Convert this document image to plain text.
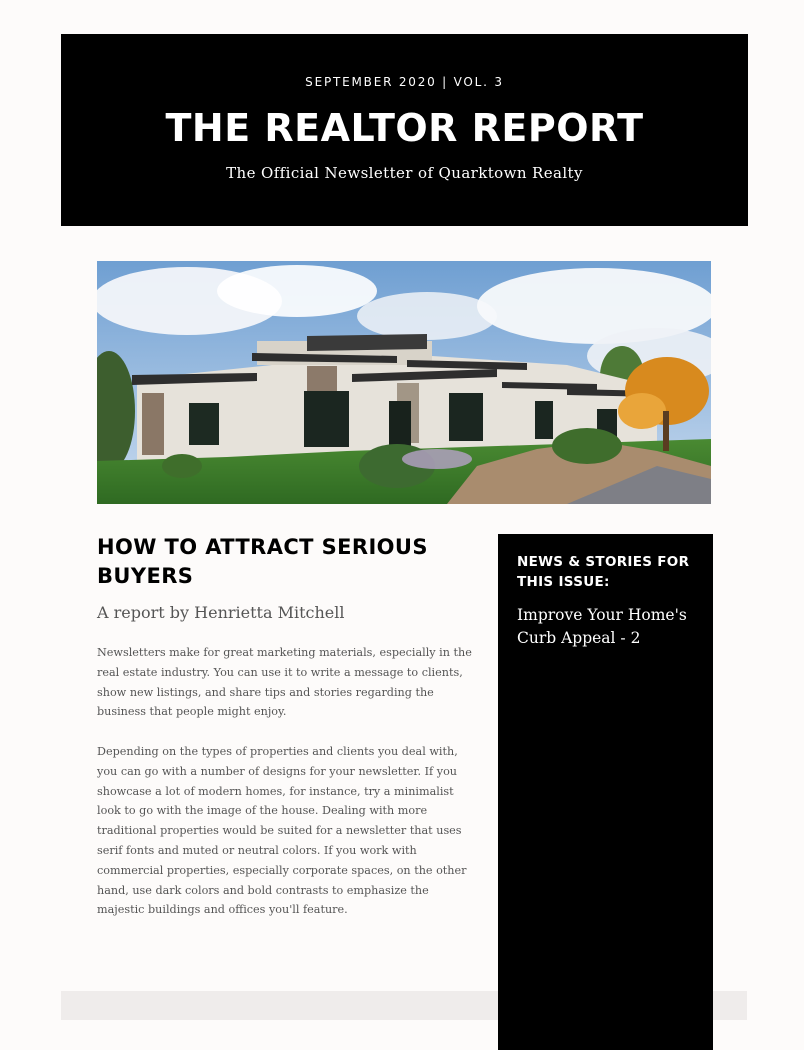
SEPTEMBER 2020 | VOL. 3
THE REALTOR REPORT
The Official Newsletter of Quarktown Realty
HOW TO ATTRACT SERIOUS BUYERS
A report by Henrietta Mitchell

Newsletters make for great marketing materials, especially in the real estate industry. You can use it to write a message to clients, show new listings, and share tips and stories regarding the business that people might enjoy.

Depending on the types of properties and clients you deal with, you can go with a number of designs for your newsletter. If you showcase a lot of modern homes, for instance, try a minimalist look to go with the image of the house. Dealing with more traditional properties would be suited for a newsletter that uses serif fonts and muted or neutral colors. If you work with commercial properties, especially corporate spaces, on the other hand, use dark colors and bold contrasts to emphasize the majestic buildings and offices you'll feature.

NEWS & STORIES FOR THIS ISSUE:
Improve Your Home's Curb Appeal - 2
